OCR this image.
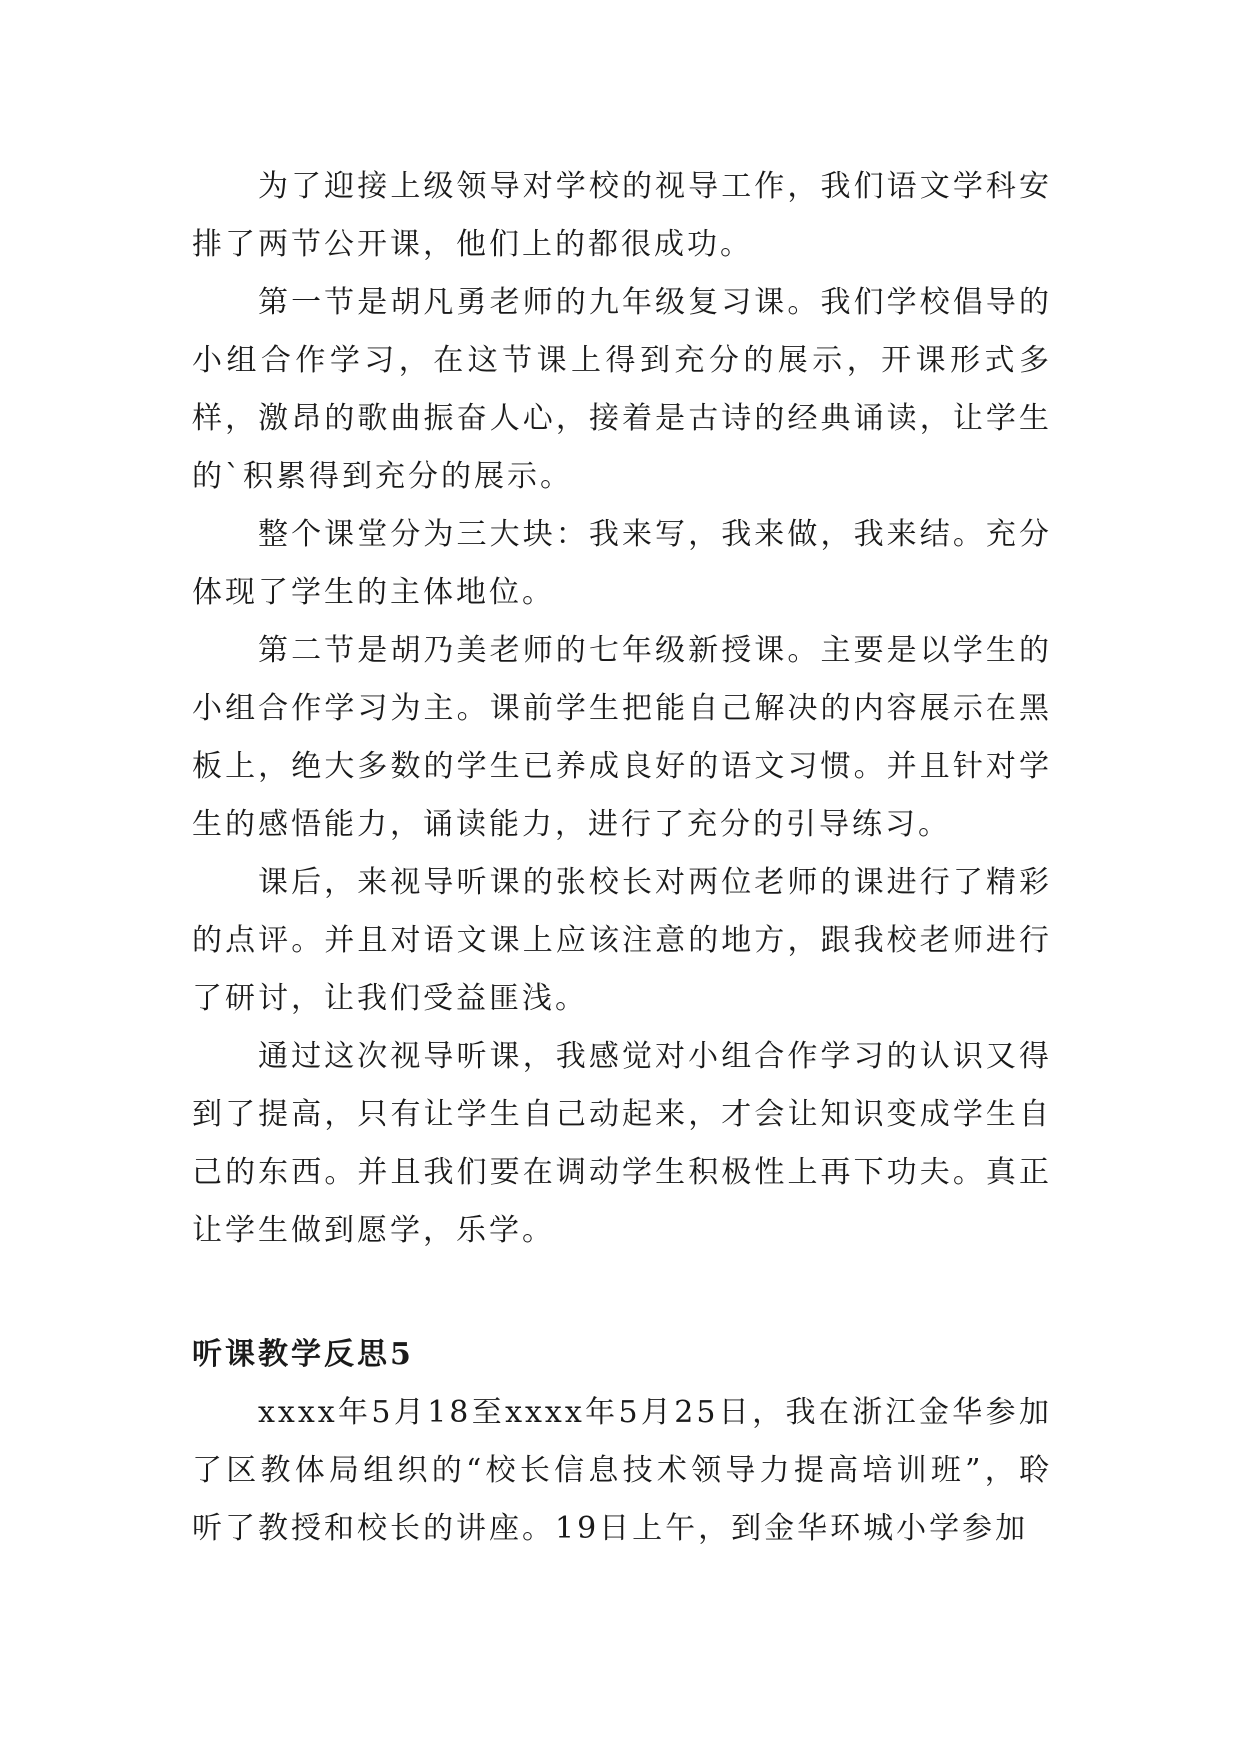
为了迎接上级领导对学校的视导工作，我们语文学科安排了两节公开课，他们上的都很成功。

第一节是胡凡勇老师的九年级复习课。我们学校倡导的小组合作学习，在这节课上得到充分的展示，开课形式多样，激昂的歌曲振奋人心，接着是古诗的经典诵读，让学生的`积累得到充分的展示。

整个课堂分为三大块：我来写，我来做，我来结。充分体现了学生的主体地位。

第二节是胡乃美老师的七年级新授课。主要是以学生的小组合作学习为主。课前学生把能自己解决的内容展示在黑板上，绝大多数的学生已养成良好的语文习惯。并且针对学生的感悟能力，诵读能力，进行了充分的引导练习。

课后，来视导听课的张校长对两位老师的课进行了精彩的点评。并且对语文课上应该注意的地方，跟我校老师进行了研讨，让我们受益匪浅。

通过这次视导听课，我感觉对小组合作学习的认识又得到了提高，只有让学生自己动起来，才会让知识变成学生自己的东西。并且我们要在调动学生积极性上再下功夫。真正让学生做到愿学，乐学。

听课教学反思5

xxxx年5月18至xxxx年5月25日，我在浙江金华参加了区教体局组织的“校长信息技术领导力提高培训班”，聆听了教授和校长的讲座。19日上午，到金华环城小学参加
